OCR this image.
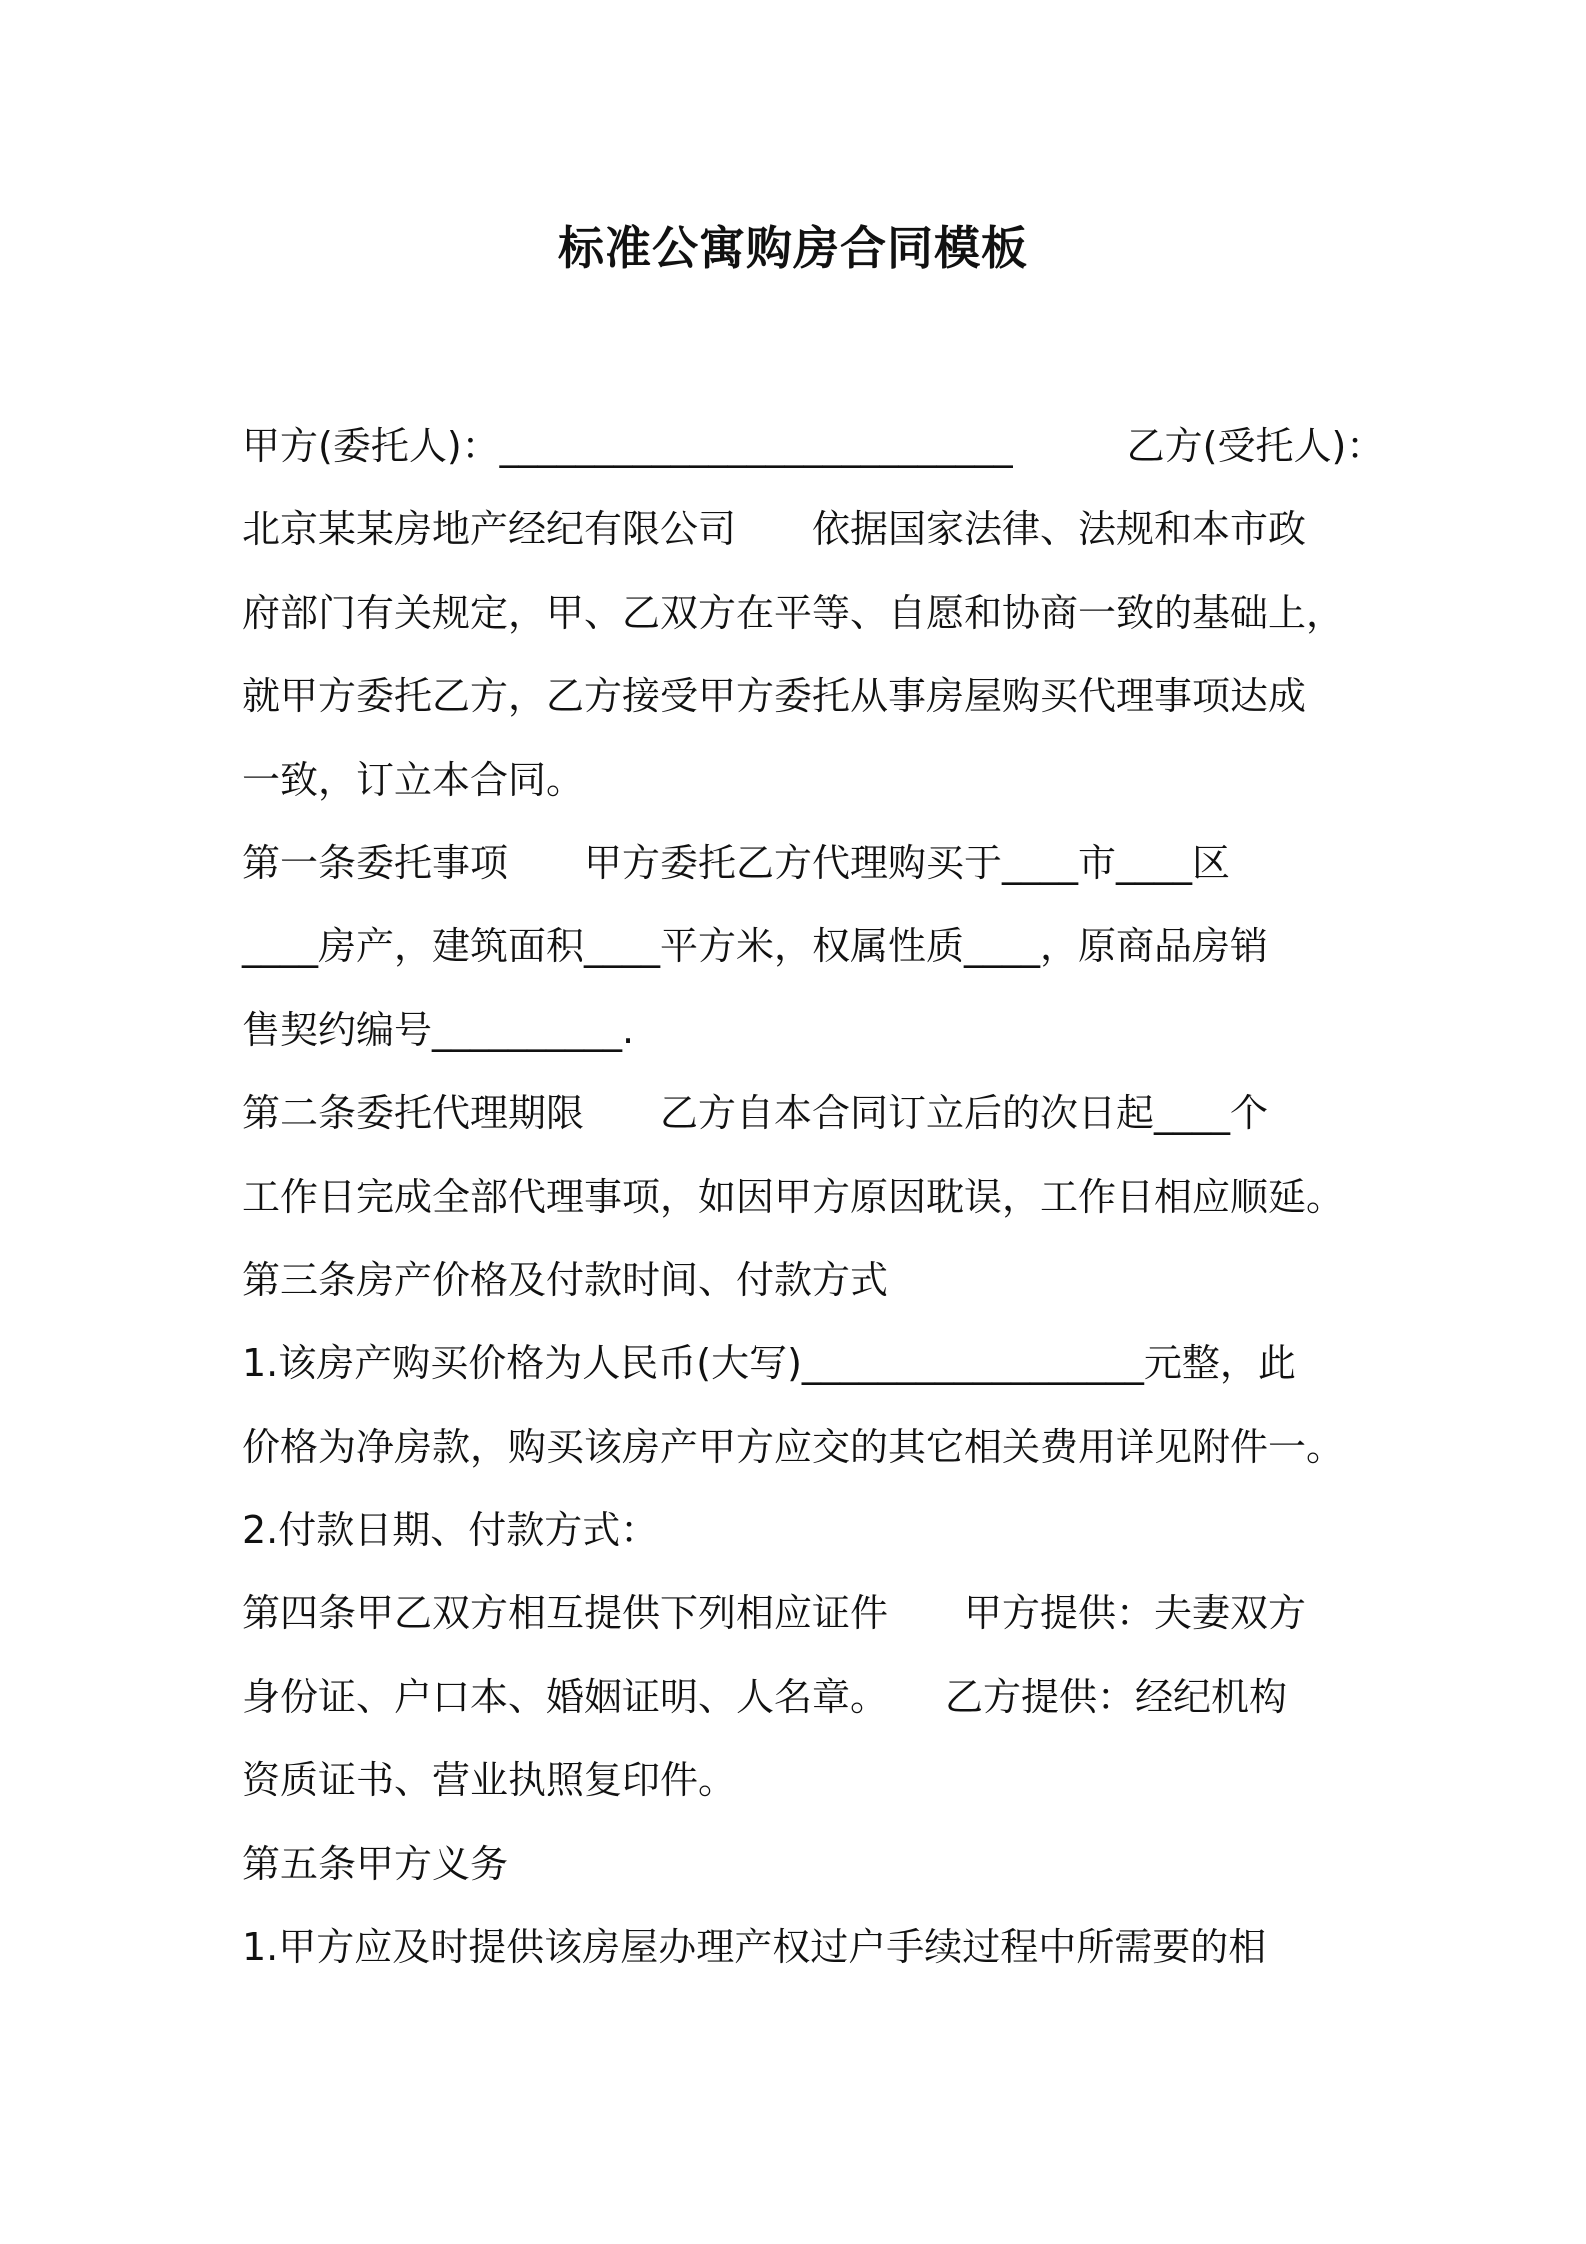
标准公寓购房合同模板
甲方(委托人)：___________________________　　　乙方(受托人)：
北京某某房地产经纪有限公司　　依据国家法律、法规和本市政
府部门有关规定，甲、乙双方在平等、自愿和协商一致的基础上，
就甲方委托乙方，乙方接受甲方委托从事房屋购买代理事项达成
一致，订立本合同。
第一条委托事项　　甲方委托乙方代理购买于____市____区
____房产，建筑面积____平方米，权属性质____，原商品房销
售契约编号__________.
第二条委托代理期限　　乙方自本合同订立后的次日起____个
工作日完成全部代理事项，如因甲方原因耽误，工作日相应顺延。
第三条房产价格及付款时间、付款方式
1.该房产购买价格为人民币(大写)__________________元整，此
价格为净房款，购买该房产甲方应交的其它相关费用详见附件一。
2.付款日期、付款方式：
第四条甲乙双方相互提供下列相应证件　　甲方提供：夫妻双方
身份证、户口本、婚姻证明、人名章。　　乙方提供：经纪机构
资质证书、营业执照复印件。
第五条甲方义务
1.甲方应及时提供该房屋办理产权过户手续过程中所需要的相
